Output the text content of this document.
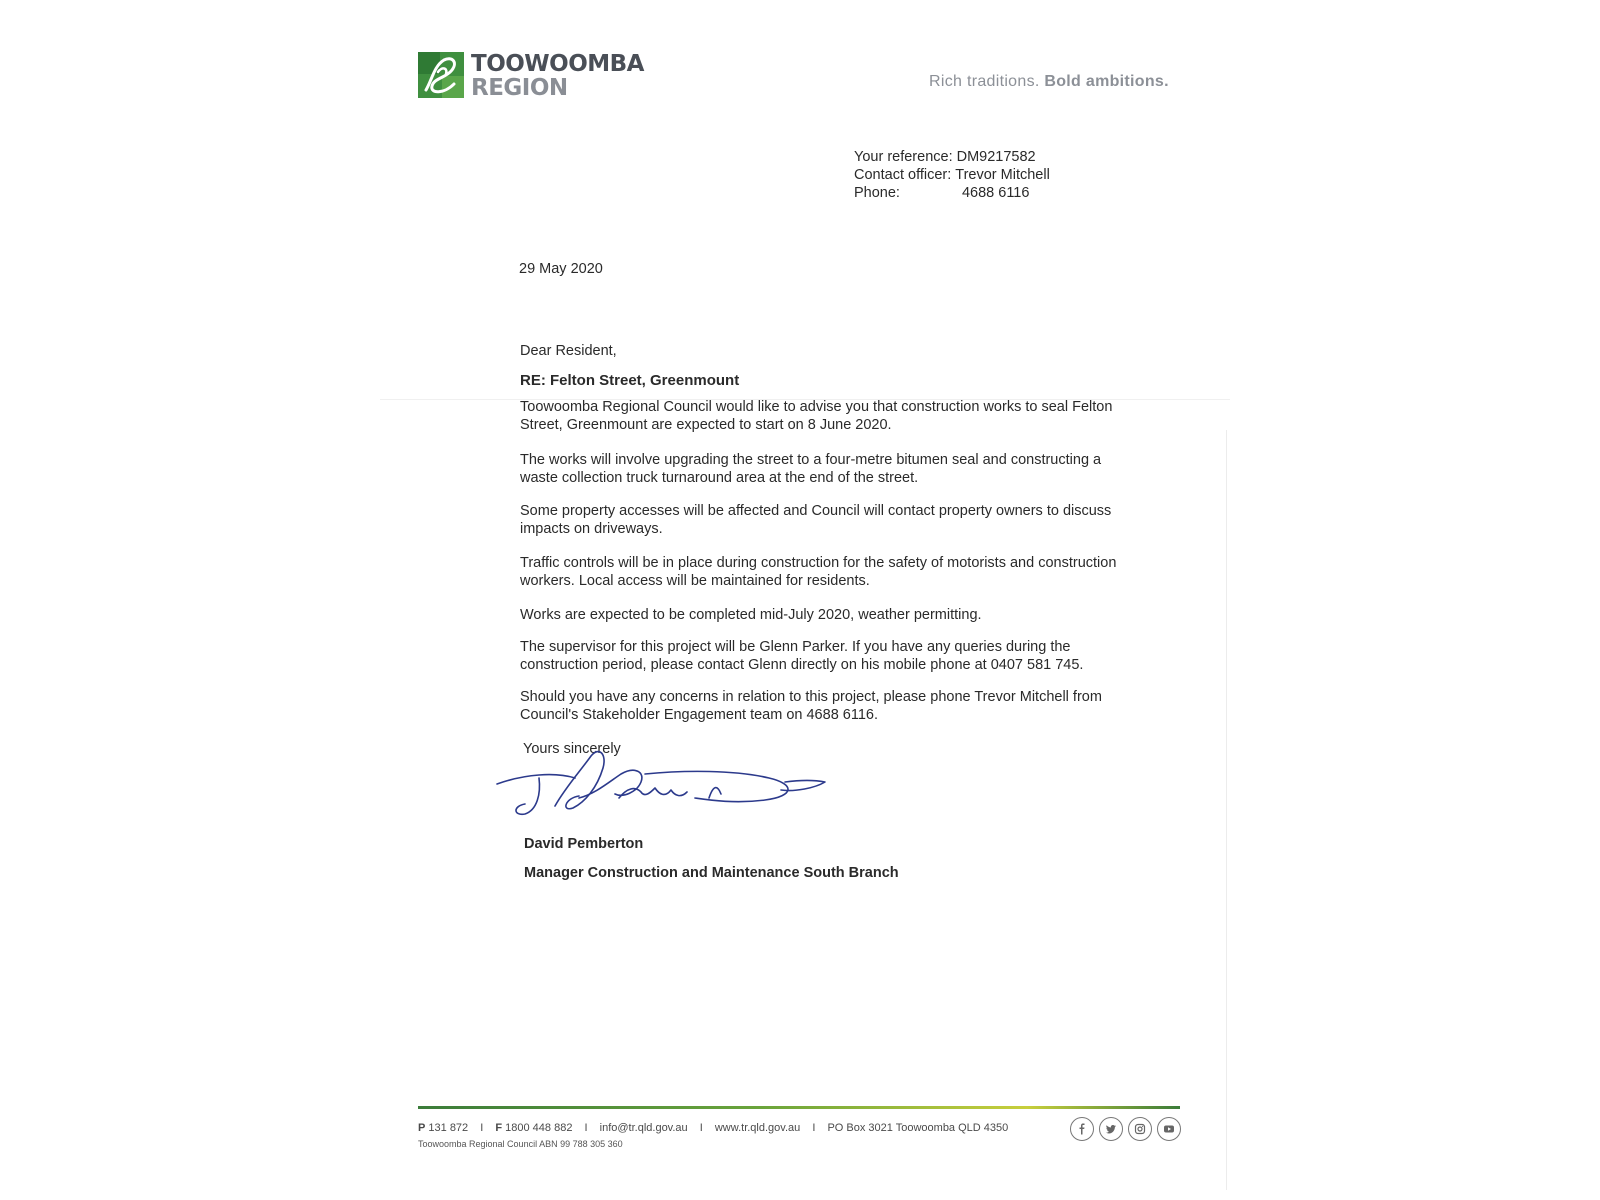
TOOWOOMBA
REGION	Rich traditions. Bold ambitions.
Your reference: DM9217582
Contact officer: Trevor Mitchell
Phone:	4688 6116
29 May 2020
Dear Resident,
RE: Felton Street, Greenmount
Toowoomba Regional Council would like to advise you that construction works to seal Felton Street, Greenmount are expected to start on 8 June 2020.
The works will involve upgrading the street to a four-metre bitumen seal and constructing a waste collection truck turnaround area at the end of the street.
Some property accesses will be affected and Council will contact property owners to discuss impacts on driveways.
Traffic controls will be in place during construction for the safety of motorists and construction workers. Local access will be maintained for residents.
Works are expected to be completed mid-July 2020, weather permitting.
The supervisor for this project will be Glenn Parker. If you have any queries during the construction period, please contact Glenn directly on his mobile phone at 0407 581 745.
Should you have any concerns in relation to this project, please phone Trevor Mitchell from Council's Stakeholder Engagement team on 4688 6116.
Yours sincerely
David Pemberton
Manager Construction and Maintenance South Branch
P 131 872 I F 1800 448 882 I info@tr.qld.gov.au I www.tr.qld.gov.au I PO Box 3021 Toowoomba QLD 4350
Toowoomba Regional Council ABN 99 788 305 360
